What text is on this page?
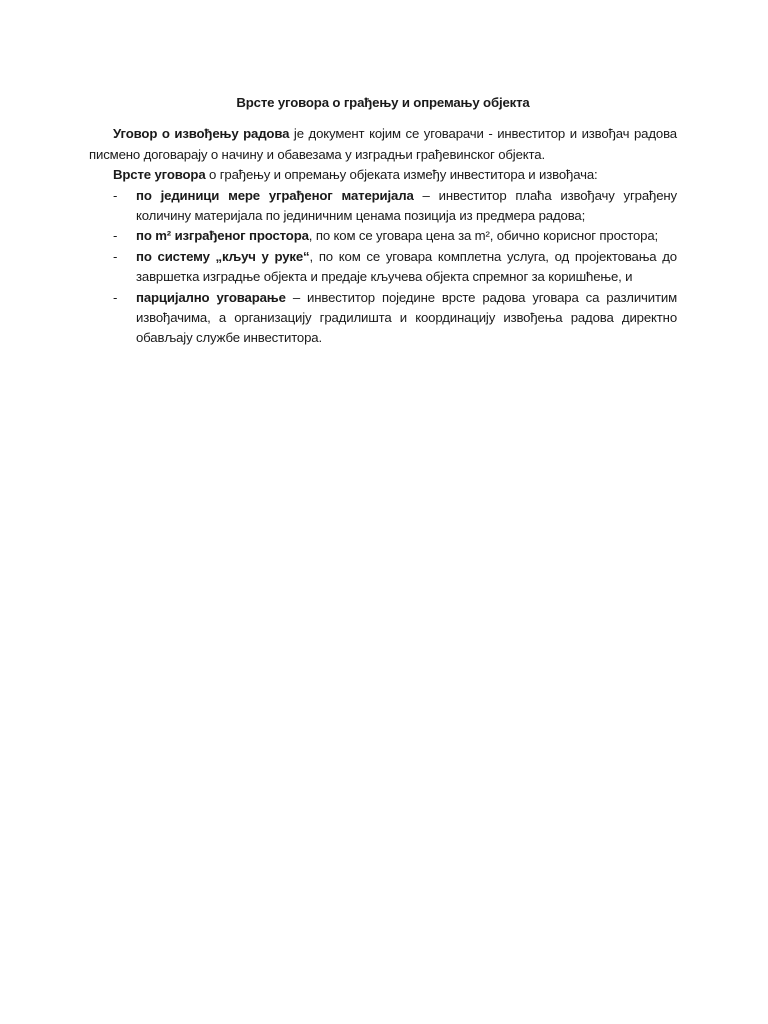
Врсте уговора о грађењу и опремању објекта

Уговор о извођењу радова је документ којим се уговарачи - инвеститор и извођач радова писмено договарају о начину и обавезама у изградњи грађевинског објекта.

Врсте уговора о грађењу и опремању објеката између инвеститора и извођача:

- по јединици мере уграђеног материјала – инвеститор плаћа извођачу уграђену количину материјала по јединичним ценама позиција из предмера радова;
- по m² изграђеног простора, по ком се уговара цена за m², обично корисног простора;
- по систему „кључ у руке“, по ком се уговара комплетна услуга, од пројектовања до завршетка изградње објекта и предаје кључева објекта спремног за коришћење, и
- парцијално уговарање – инвеститор поједине врсте радова уговара са различитим извођачима, а организацију градилишта и координацију извођења радова директно обављају службе инвеститора.
